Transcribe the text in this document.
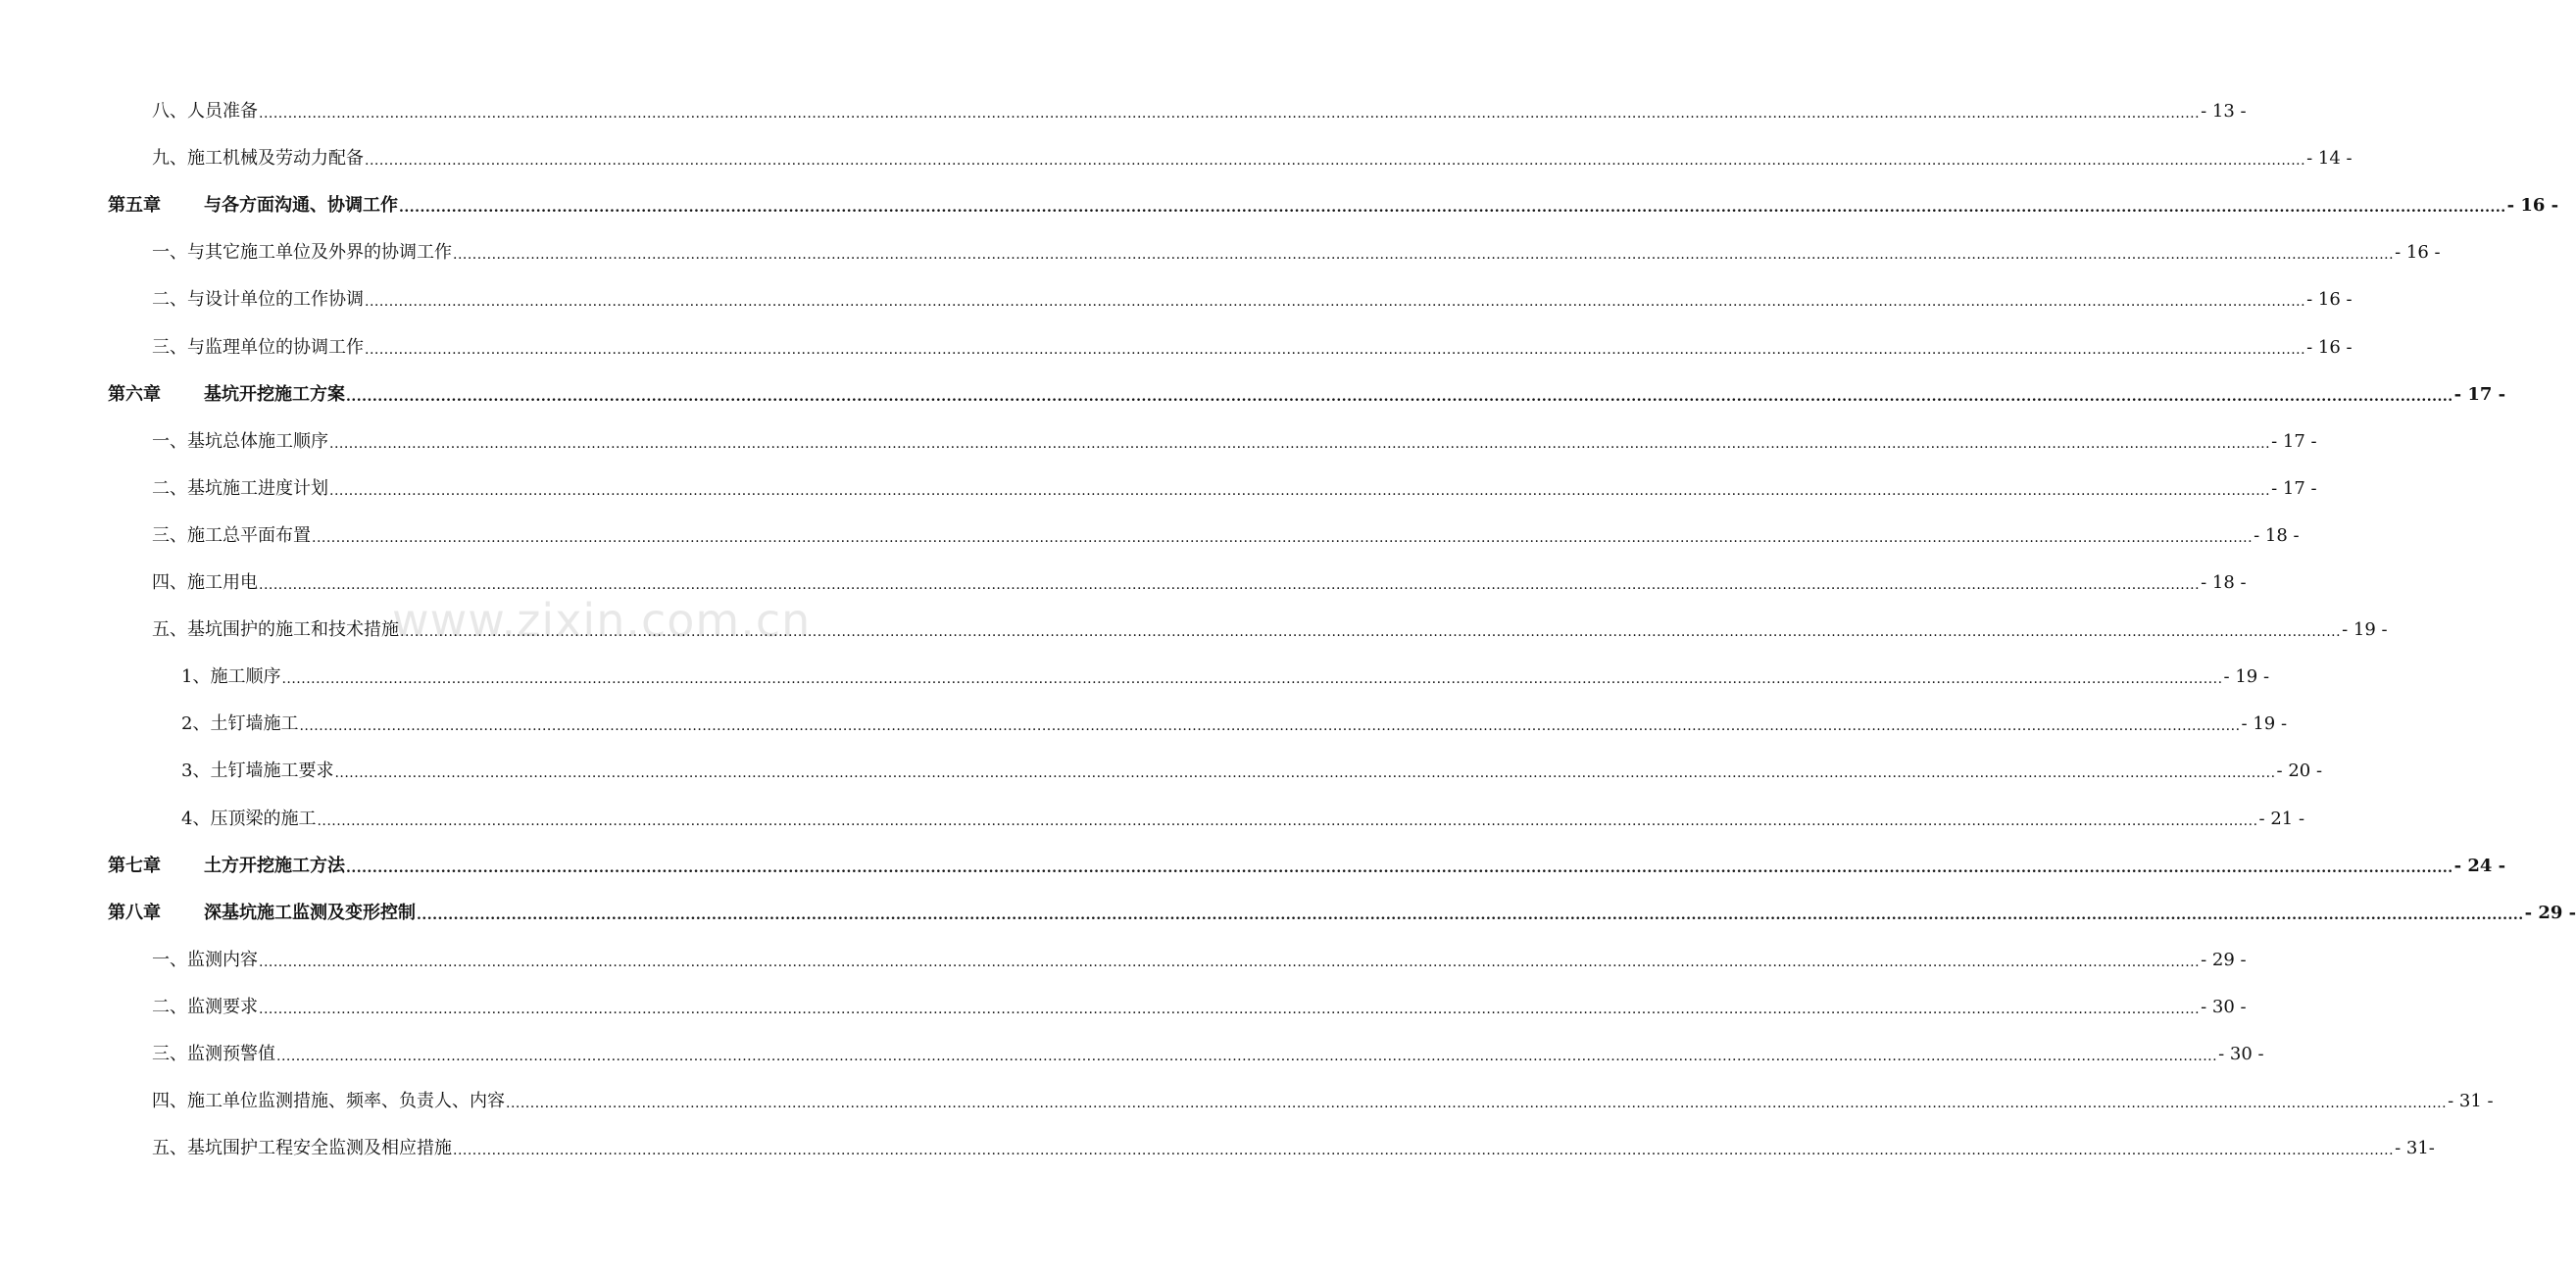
www.zixin.com.cn
八、人员准备 ................................................................................................................................................................................................................................................................................................................................................................................................................ - 13 -
九、施工机械及劳动力配备 ................................................................................................................................................................................................................................................................................................................................................................................................................ - 14 -
第五章	与各方面沟通、协调工作 ................................................................................................................................................................................................................................................................................................................................................................................................................ - 16 -
一、与其它施工单位及外界的协调工作 ................................................................................................................................................................................................................................................................................................................................................................................................................ - 16 -
二、与设计单位的工作协调 ................................................................................................................................................................................................................................................................................................................................................................................................................ - 16 -
三、与监理单位的协调工作 ................................................................................................................................................................................................................................................................................................................................................................................................................ - 16 -
第六章	基坑开挖施工方案 ................................................................................................................................................................................................................................................................................................................................................................................................................ - 17 -
一、基坑总体施工顺序 ................................................................................................................................................................................................................................................................................................................................................................................................................ - 17 -
二、基坑施工进度计划 ................................................................................................................................................................................................................................................................................................................................................................................................................ - 17 -
三、施工总平面布置 ................................................................................................................................................................................................................................................................................................................................................................................................................ - 18 -
四、施工用电 ................................................................................................................................................................................................................................................................................................................................................................................................................ - 18 -
五、基坑围护的施工和技术措施 ................................................................................................................................................................................................................................................................................................................................................................................................................ - 19 -
1、施工顺序 ................................................................................................................................................................................................................................................................................................................................................................................................................ - 19 -
2、土钉墙施工 ................................................................................................................................................................................................................................................................................................................................................................................................................ - 19 -
3、土钉墙施工要求 ................................................................................................................................................................................................................................................................................................................................................................................................................ - 20 -
4、压顶梁的施工 ................................................................................................................................................................................................................................................................................................................................................................................................................ - 21 -
第七章	土方开挖施工方法 ................................................................................................................................................................................................................................................................................................................................................................................................................ - 24 -
第八章	深基坑施工监测及变形控制 ................................................................................................................................................................................................................................................................................................................................................................................................................ - 29 -
一、监测内容 ................................................................................................................................................................................................................................................................................................................................................................................................................ - 29 -
二、监测要求 ................................................................................................................................................................................................................................................................................................................................................................................................................ - 30 -
三、监测预警值 ................................................................................................................................................................................................................................................................................................................................................................................................................ - 30 -
四、施工单位监测措施、频率、负责人、内容 ................................................................................................................................................................................................................................................................................................................................................................................................................ - 31 -
五、基坑围护工程安全监测及相应措施 ................................................................................................................................................................................................................................................................................................................................................................................................................ - 31-
